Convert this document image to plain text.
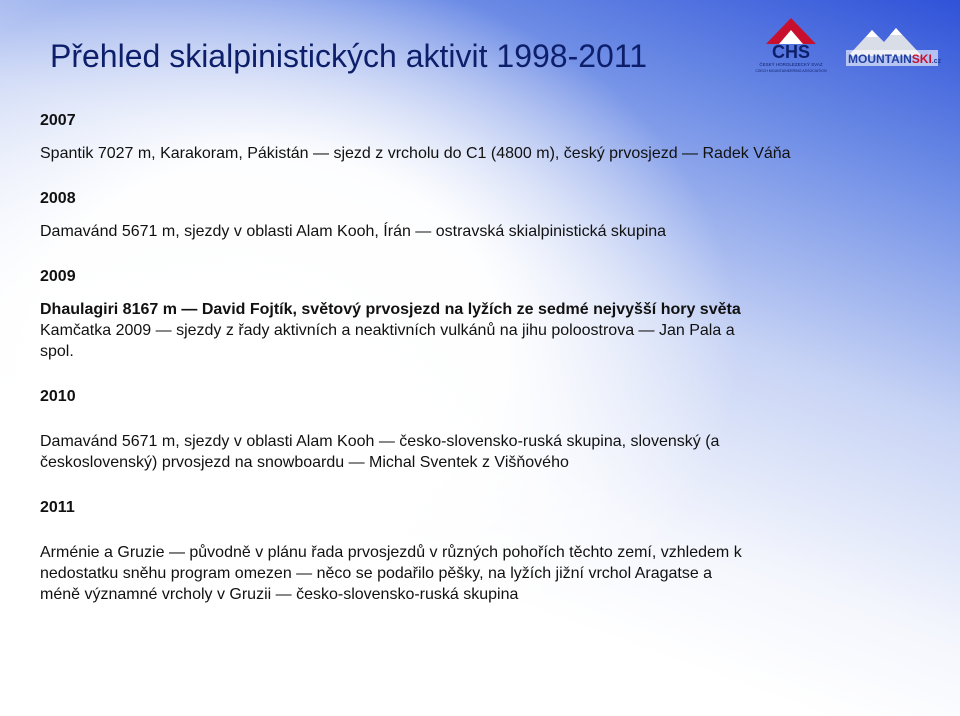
Přehled skialpinistických aktivit 1998-2011	CHS
ČESKÝ HOROLEZECKÝ SVAZ
CZECH MOUNTAINEERING ASSOCIATION
MOUNTAINSKI.cz

2007

Spantik 7027 m, Karakoram, Pákistán — sjezd z vrcholu do C1 (4800 m), český prvosjezd — Radek Váňa

2008

Damavánd 5671 m, sjezdy v oblasti Alam Kooh, Írán — ostravská skialpinistická skupina

2009

Dhaulagiri 8167 m — David Fojtík, světový prvosjezd na lyžích ze sedmé nejvyšší hory světa

Kamčatka 2009 — sjezdy z řady aktivních a neaktivních vulkánů na jihu poloostrova — Jan Pala a

spol.

2010

Damavánd 5671 m, sjezdy v oblasti Alam Kooh — česko-slovensko-ruská skupina, slovenský (a

československý) prvosjezd na snowboardu — Michal Sventek z Višňového

2011

Arménie a Gruzie — původně v plánu řada prvosjezdů v různých pohořích těchto zemí, vzhledem k

nedostatku sněhu program omezen — něco se podařilo pěšky, na lyžích jižní vrchol Aragatse a

méně významné vrcholy v Gruzii — česko-slovensko-ruská skupina
